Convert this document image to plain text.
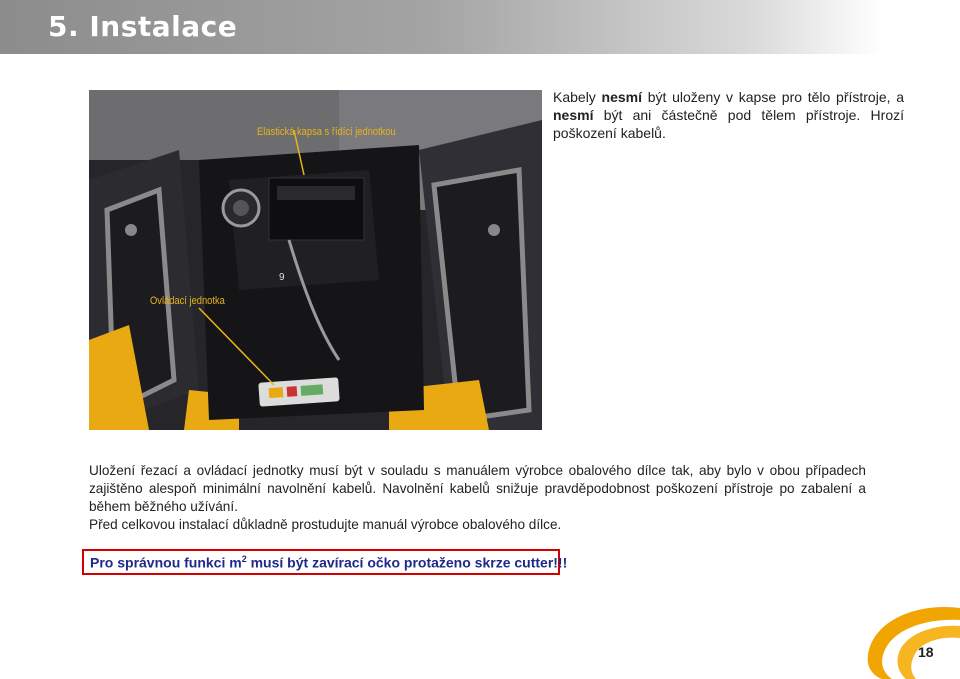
5. Instalace
9
Elastická kapsa s řídící jednotkou
Ovládací jednotka
Kabely nesmí být uloženy v kapse pro tělo přístroje, a nesmí být ani částečně pod tělem přístroje. Hrozí poškození kabelů.

Uložení řezací a ovládací jednotky musí být v souladu s manuálem výrobce obalového dílce tak, aby bylo v obou případech zajištěno alespoň minimální navolnění kabelů. Navolnění kabelů snižuje pravděpodobnost poškození přístroje po zabalení a během běžného užívání.

Před celkovou instalací důkladně prostudujte manuál výrobce obalového dílce.

Pro správnou funkci $m^2$ musí být zavírací očko protaženo skrze cutter!!!
18
